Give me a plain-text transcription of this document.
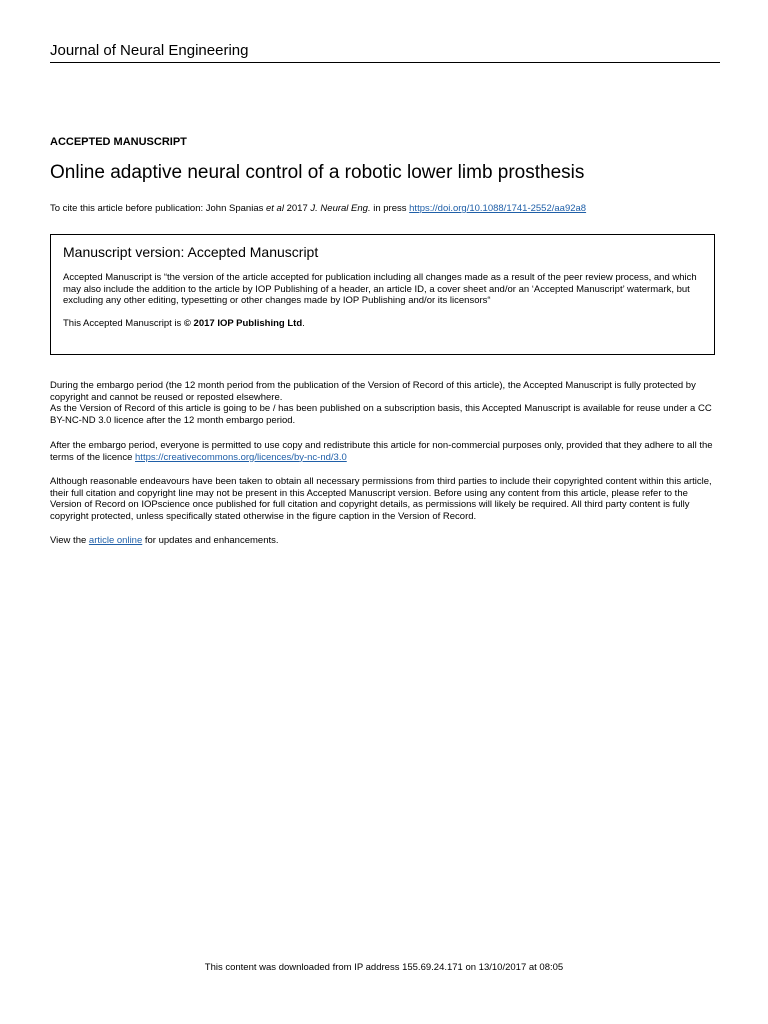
Journal of Neural Engineering
ACCEPTED MANUSCRIPT
Online adaptive neural control of a robotic lower limb prosthesis
To cite this article before publication: John Spanias et al 2017 J. Neural Eng. in press https://doi.org/10.1088/1741-2552/aa92a8
Manuscript version: Accepted Manuscript

Accepted Manuscript is “the version of the article accepted for publication including all changes made as a result of the peer review process, and which may also include the addition to the article by IOP Publishing of a header, an article ID, a cover sheet and/or an ‘Accepted Manuscript’ watermark, but excluding any other editing, typesetting or other changes made by IOP Publishing and/or its licensors“

This Accepted Manuscript is © 2017 IOP Publishing Ltd.

During the embargo period (the 12 month period from the publication of the Version of Record of this article), the Accepted Manuscript is fully protected by copyright and cannot be reused or reposted elsewhere.

As the Version of Record of this article is going to be / has been published on a subscription basis, this Accepted Manuscript is available for reuse under a CC BY-NC-ND 3.0 licence after the 12 month embargo period.

After the embargo period, everyone is permitted to use copy and redistribute this article for non-commercial purposes only, provided that they adhere to all the terms of the licence https://creativecommons.org/licences/by-nc-nd/3.0

Although reasonable endeavours have been taken to obtain all necessary permissions from third parties to include their copyrighted content within this article, their full citation and copyright line may not be present in this Accepted Manuscript version. Before using any content from this article, please refer to the Version of Record on IOPscience once published for full citation and copyright details, as permissions will likely be required. All third party content is fully copyright protected, unless specifically stated otherwise in the figure caption in the Version of Record.

View the article online for updates and enhancements.

This content was downloaded from IP address 155.69.24.171 on 13/10/2017 at 08:05
